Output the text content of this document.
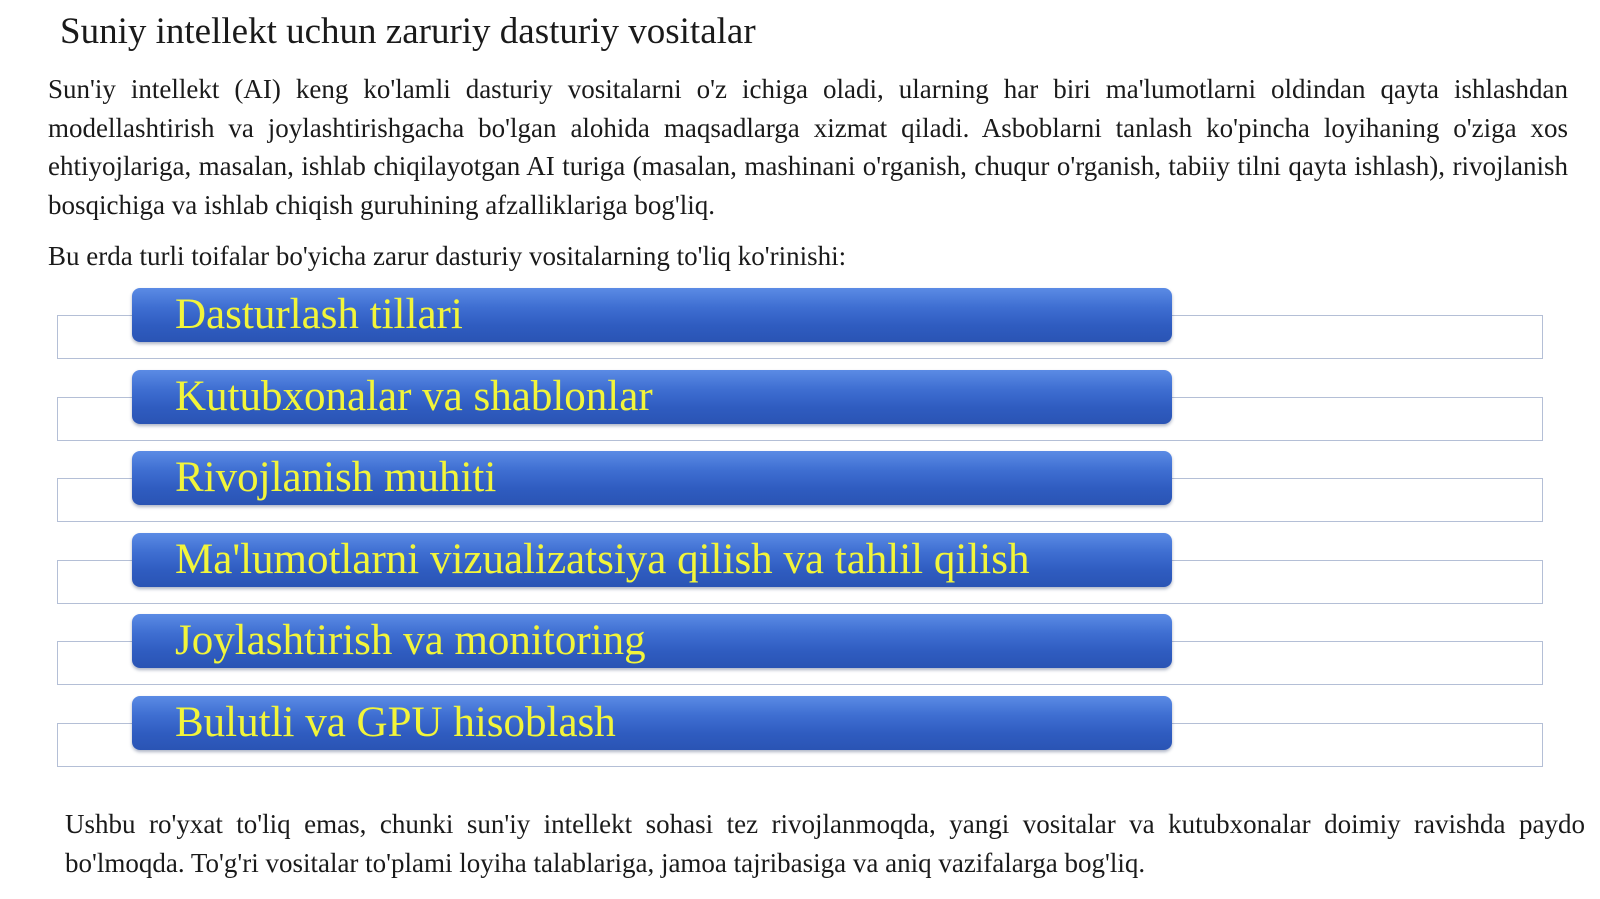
Suniy intellekt uchun zaruriy dasturiy vositalar

Sun'iy intellekt (AI) keng ko'lamli dasturiy vositalarni o'z ichiga oladi, ularning har biri ma'lumotlarni oldindan qayta ishlashdan modellashtirish va joylashtirishgacha bo'lgan alohida maqsadlarga xizmat qiladi. Asboblarni tanlash ko'pincha loyihaning o'ziga xos ehtiyojlariga, masalan, ishlab chiqilayotgan AI turiga (masalan, mashinani o'rganish, chuqur o'rganish, tabiiy tilni qayta ishlash), rivojlanish bosqichiga va ishlab chiqish guruhining afzalliklariga bog'liq.

Bu erda turli toifalar bo'yicha zarur dasturiy vositalarning to'liq ko'rinishi:

Dasturlash tillari
Kutubxonalar va shablonlar
Rivojlanish muhiti
Ma'lumotlarni vizualizatsiya qilish va tahlil qilish
Joylashtirish va monitoring
Bulutli va GPU hisoblash

Ushbu ro'yxat to'liq emas, chunki sun'iy intellekt sohasi tez rivojlanmoqda, yangi vositalar va kutubxonalar doimiy ravishda paydo bo'lmoqda. To'g'ri vositalar to'plami loyiha talablariga, jamoa tajribasiga va aniq vazifalarga bog'liq.
